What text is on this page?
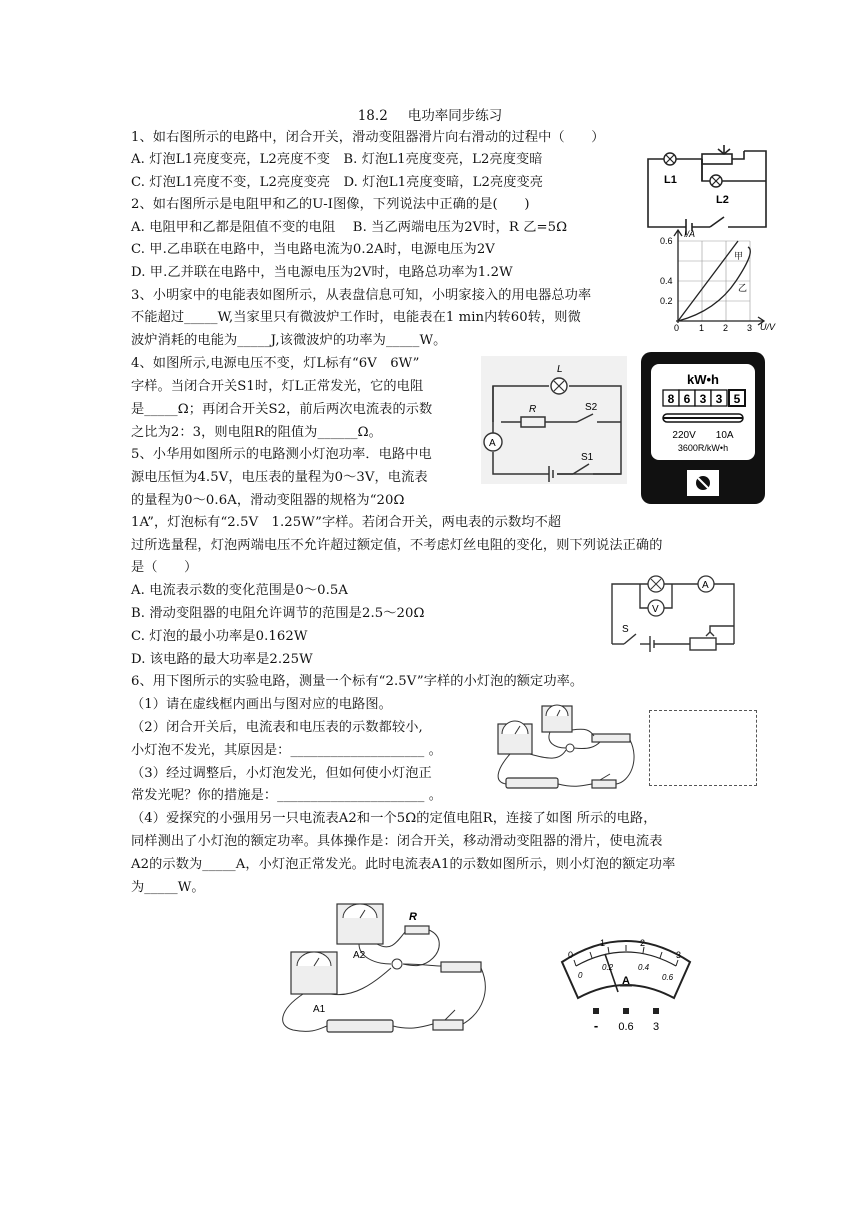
18.2 电功率同步练习
1、如右图所示的电路中，闭合开关，滑动变阻器滑片向右滑动的过程中（　　）
A. 灯泡L1亮度变亮，L2亮度不变　B. 灯泡L1亮度变亮，L2亮度变暗
C. 灯泡L1亮度不变，L2亮度变亮　D. 灯泡L1亮度变暗，L2亮度变亮
2、如右图所示是电阻甲和乙的U-I图像，下列说法中正确的是(　　)
A. 电阻甲和乙都是阻值不变的电阻　 B. 当乙两端电压为2V时，R 乙=5Ω
C. 甲.乙串联在电路中，当电路电流为0.2A时，电源电压为2V
D. 甲.乙并联在电路中，当电源电压为2V时，电路总功率为1.2W
3、小明家中的电能表如图所示，从表盘信息可知，小明家接入的用电器总功率
不能超过_____W,当家里只有微波炉工作时，电能表在1 min内转60转，则微
波炉消耗的电能为_____J,该微波炉的功率为_____W。
4、如图所示,电源电压不变，灯L标有“6V　6W”
字样。当闭合开关S1时，灯L正常发光，它的电阻
是_____Ω；再闭合开关S2，前后两次电流表的示数
之比为2：3，则电阻R的阻值为______Ω。
5、小华用如图所示的电路测小灯泡功率．电路中电
源电压恒为4.5V，电压表的量程为0～3V，电流表
的量程为0～0.6A，滑动变阻器的规格为“20Ω
1A”，灯泡标有“2.5V　1.25W”字样。若闭合开关，两电表的示数均不超
过所选量程，灯泡两端电压不允许超过额定值，不考虑灯丝电阻的变化，则下列说法正确的
是（　　）
A. 电流表示数的变化范围是0～0.5A
B. 滑动变阻器的电阻允许调节的范围是2.5～20Ω
C. 灯泡的最小功率是0.162W
D. 该电路的最大功率是2.25W
6、用下图所示的实验电路，测量一个标有“2.5V”字样的小灯泡的额定功率。
（1）请在虚线框内画出与图对应的电路图。
（2）闭合开关后，电流表和电压表的示数都较小,
小灯泡不发光，其原因是：____________________ 。
（3）经过调整后，小灯泡发光，但如何使小灯泡正
常发光呢？你的措施是：______________________ 。
（4）爱探究的小强用另一只电流表A2和一个5Ω的定值电阻R，连接了如图 所示的电路，
同样测出了小灯泡的额定功率。具体操作是：闭合开关，移动滑动变阻器的滑片，使电流表
A2的示数为_____A，小灯泡正常发光。此时电流表A1的示数如图所示，则小灯泡的额定功率
为_____W。
L1
L2
I/A
U/V
0.6
0.4
0.2
0 1 2 3
甲
乙
A
L
R	S2
S1
kW•h
8 6 3 3 5
220V　　10A
3600R/kW•h
V
A
S
A1
A2
R
0
1	2
3
0
0.2	0.4
0.6
A
- 0.6 3
